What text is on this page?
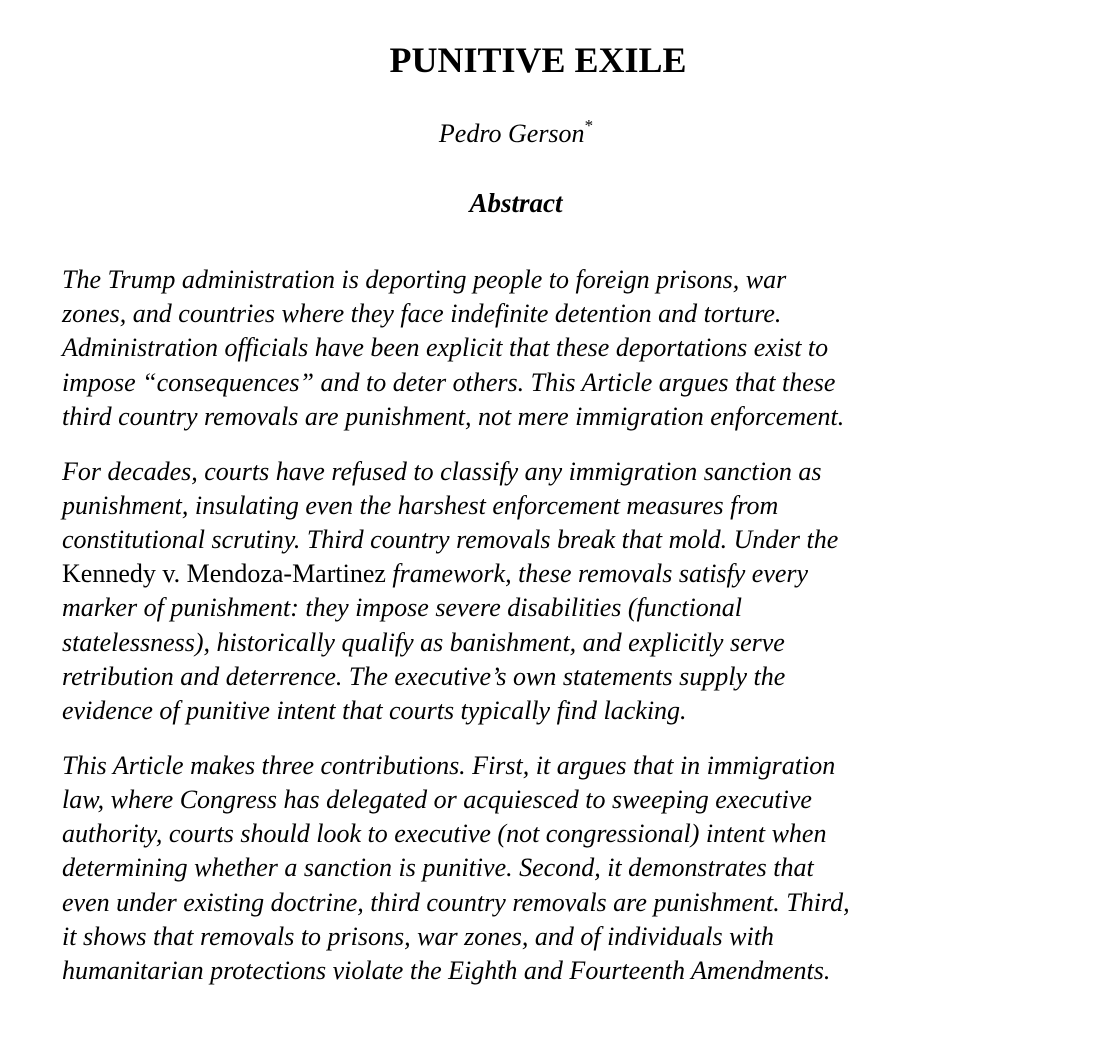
PUNITIVE EXILE

Pedro Gerson*

Abstract

The Trump administration is deporting people to foreign prisons, war
zones, and countries where they face indefinite detention and torture.
Administration officials have been explicit that these deportations exist to
impose “consequences” and to deter others. This Article argues that these
third country removals are punishment, not mere immigration enforcement.

For decades, courts have refused to classify any immigration sanction as
punishment, insulating even the harshest enforcement measures from
constitutional scrutiny. Third country removals break that mold. Under the
Kennedy v. Mendoza-Martinez framework, these removals satisfy every
marker of punishment: they impose severe disabilities (functional
statelessness), historically qualify as banishment, and explicitly serve
retribution and deterrence. The executive’s own statements supply the
evidence of punitive intent that courts typically find lacking.

This Article makes three contributions. First, it argues that in immigration
law, where Congress has delegated or acquiesced to sweeping executive
authority, courts should look to executive (not congressional) intent when
determining whether a sanction is punitive. Second, it demonstrates that
even under existing doctrine, third country removals are punishment. Third,
it shows that removals to prisons, war zones, and of individuals with
humanitarian protections violate the Eighth and Fourteenth Amendments.
